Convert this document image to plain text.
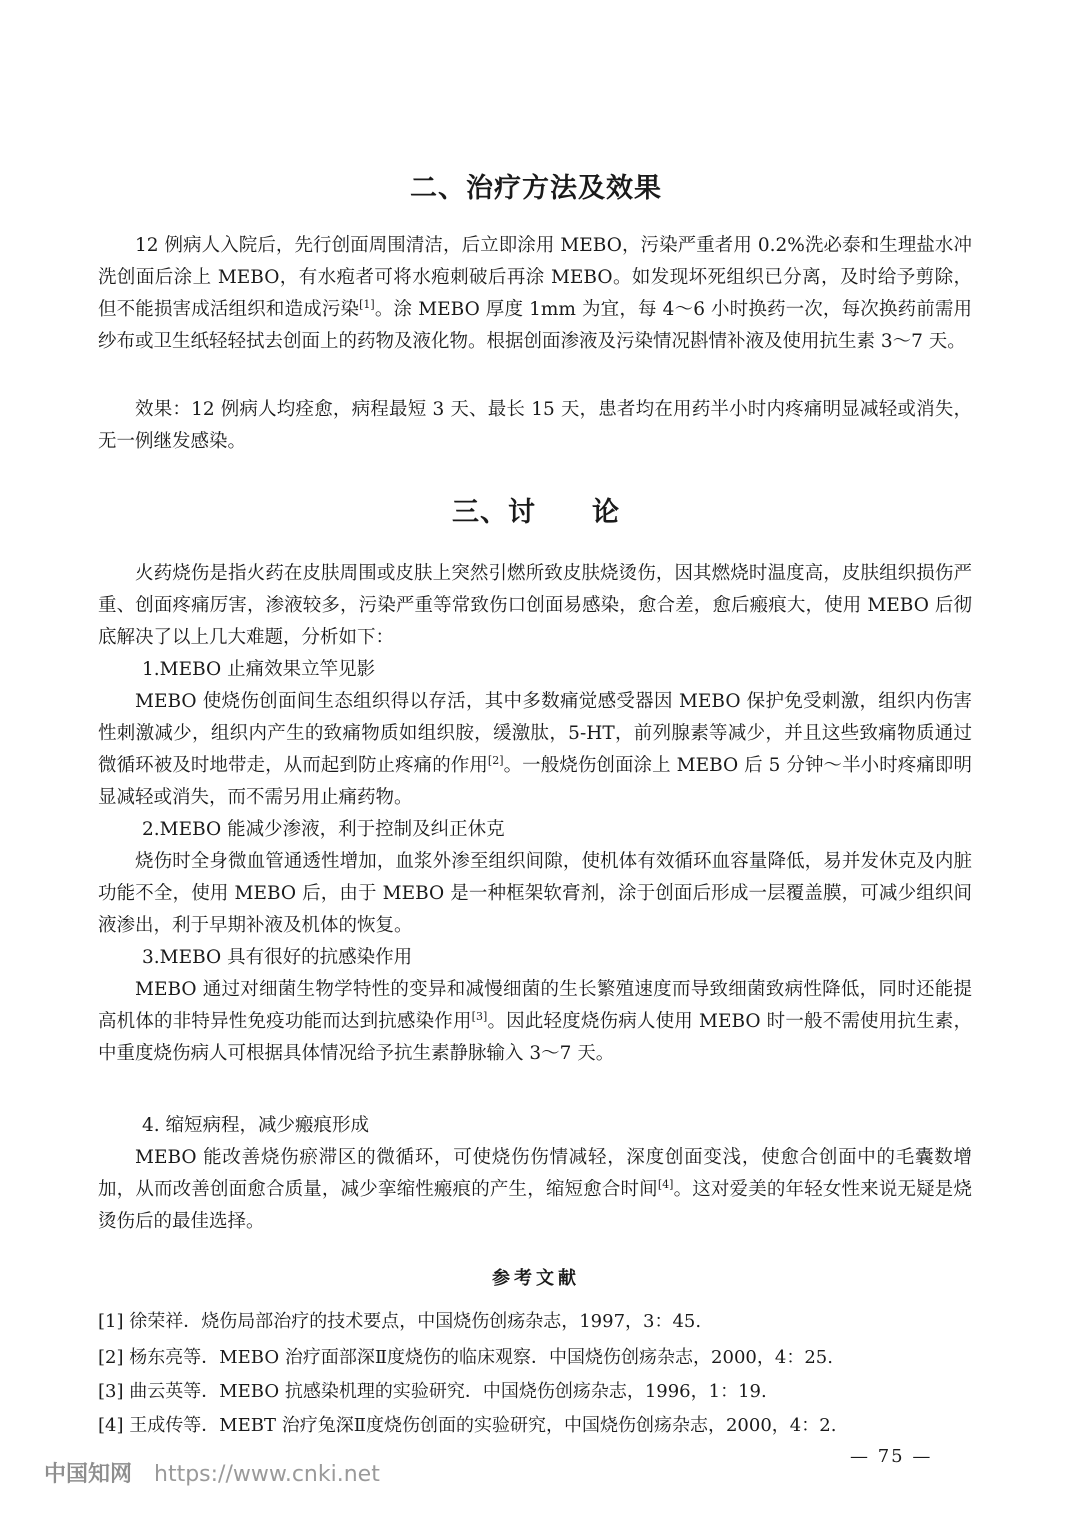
二、治疗方法及效果

12 例病人入院后，先行创面周围清洁，后立即涂用 MEBO，污染严重者用 0.2%洗必泰和生理盐水冲洗创面后涂上 MEBO，有水疱者可将水疱刺破后再涂 MEBO。如发现坏死组织已分离，及时给予剪除，但不能损害成活组织和造成污染[1]。涂 MEBO 厚度 1mm 为宜，每 4～6 小时换药一次，每次换药前需用纱布或卫生纸轻轻拭去创面上的药物及液化物。根据创面渗液及污染情况斟情补液及使用抗生素 3～7 天。

效果：12 例病人均痊愈，病程最短 3 天、最长 15 天，患者均在用药半小时内疼痛明显减轻或消失，无一例继发感染。

三、讨　　论

火药烧伤是指火药在皮肤周围或皮肤上突然引燃所致皮肤烧烫伤，因其燃烧时温度高，皮肤组织损伤严重、创面疼痛厉害，渗液较多，污染严重等常致伤口创面易感染，愈合差，愈后瘢痕大，使用 MEBO 后彻底解决了以上几大难题，分析如下：

1.MEBO 止痛效果立竿见影

MEBO 使烧伤创面间生态组织得以存活，其中多数痛觉感受器因 MEBO 保护免受刺激，组织内伤害性刺激减少，组织内产生的致痛物质如组织胺，缓激肽，5-HT，前列腺素等减少，并且这些致痛物质通过微循环被及时地带走，从而起到防止疼痛的作用[2]。一般烧伤创面涂上 MEBO 后 5 分钟～半小时疼痛即明显减轻或消失，而不需另用止痛药物。

2.MEBO 能减少渗液，利于控制及纠正休克

烧伤时全身微血管通透性增加，血浆外渗至组织间隙，使机体有效循环血容量降低，易并发休克及内脏功能不全，使用 MEBO 后，由于 MEBO 是一种框架软膏剂，涂于创面后形成一层覆盖膜，可减少组织间液渗出，利于早期补液及机体的恢复。

3.MEBO 具有很好的抗感染作用

MEBO 通过对细菌生物学特性的变异和减慢细菌的生长繁殖速度而导致细菌致病性降低，同时还能提高机体的非特异性免疫功能而达到抗感染作用[3]。因此轻度烧伤病人使用 MEBO 时一般不需使用抗生素，中重度烧伤病人可根据具体情况给予抗生素静脉输入 3～7 天。

4. 缩短病程，减少瘢痕形成

MEBO 能改善烧伤瘀滞区的微循环，可使烧伤伤情减轻，深度创面变浅，使愈合创面中的毛囊数增加，从而改善创面愈合质量，减少挛缩性瘢痕的产生，缩短愈合时间[4]。这对爱美的年轻女性来说无疑是烧烫伤后的最佳选择。

参考文献
[1] 徐荣祥．烧伤局部治疗的技术要点，中国烧伤创疡杂志，1997，3：45.
[2] 杨东亮等．MEBO 治疗面部深Ⅱ度烧伤的临床观察．中国烧伤创疡杂志，2000，4：25.
[3] 曲云英等．MEBO 抗感染机理的实验研究．中国烧伤创疡杂志，1996，1：19.
[4] 王成传等．MEBT 治疗兔深Ⅱ度烧伤创面的实验研究，中国烧伤创疡杂志，2000，4：2.
— 75 —
中国知网 https://www.cnki.net
